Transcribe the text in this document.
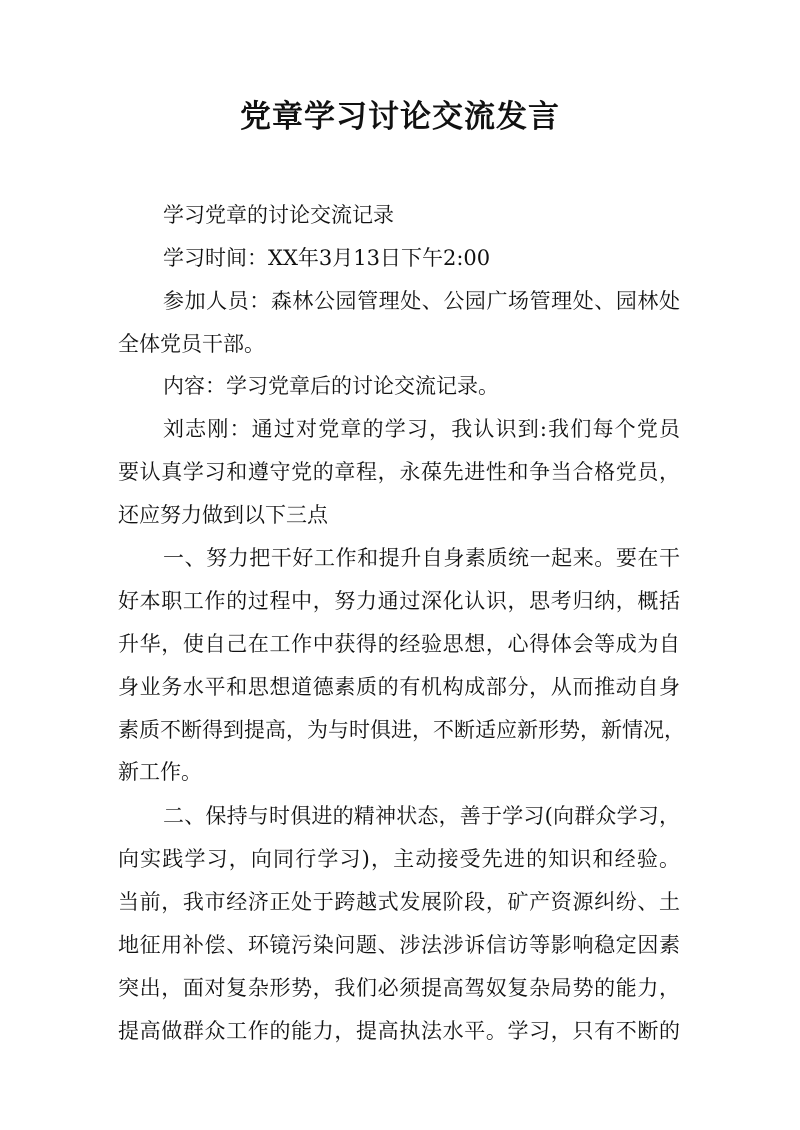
党章学习讨论交流发言
学习党章的讨论交流记录
学习时间：XX年3月13日下午2:00
参加人员：森林公园管理处、公园广场管理处、园林处
全体党员干部。
内容：学习党章后的讨论交流记录。
刘志刚：通过对党章的学习，我认识到:我们每个党员
要认真学习和遵守党的章程，永葆先进性和争当合格党员，
还应努力做到以下三点
一、努力把干好工作和提升自身素质统一起来。要在干
好本职工作的过程中，努力通过深化认识，思考归纳，概括
升华，使自己在工作中获得的经验思想，心得体会等成为自
身业务水平和思想道德素质的有机构成部分，从而推动自身
素质不断得到提高，为与时俱进，不断适应新形势，新情况，
新工作。
二、保持与时俱进的精神状态，善于学习(向群众学习，
向实践学习，向同行学习)，主动接受先进的知识和经验。
当前，我市经济正处于跨越式发展阶段，矿产资源纠纷、土
地征用补偿、环镜污染问题、涉法涉诉信访等影响稳定因素
突出，面对复杂形势，我们必须提高驾奴复杂局势的能力，
提高做群众工作的能力，提高执法水平。学习，只有不断的
